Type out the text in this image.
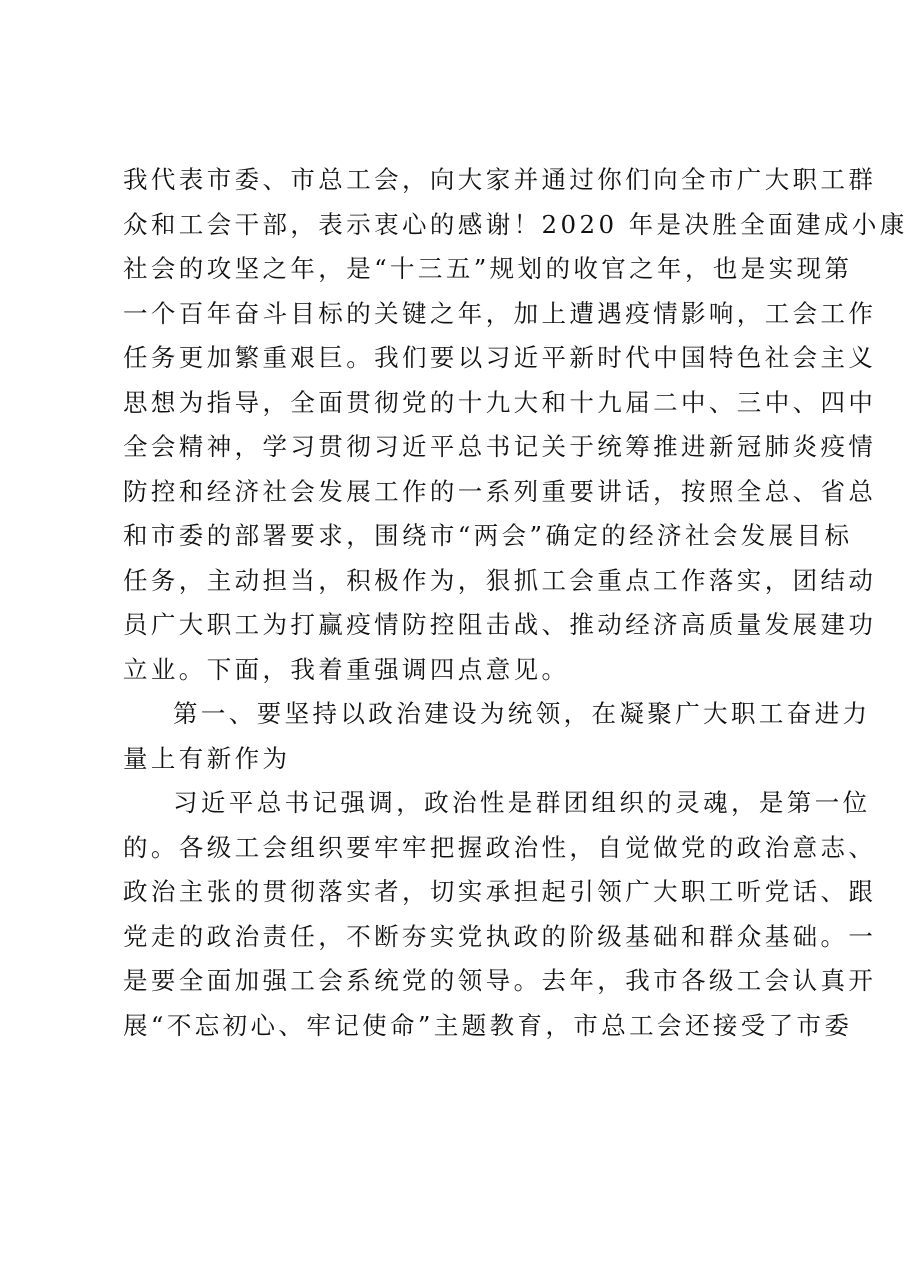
我代表市委、市总工会，向大家并通过你们向全市广大职工群
众和工会干部，表示衷心的感谢！2020 年是决胜全面建成小康
社会的攻坚之年，是“十三五”规划的收官之年，也是实现第
一个百年奋斗目标的关键之年，加上遭遇疫情影响，工会工作
任务更加繁重艰巨。我们要以习近平新时代中国特色社会主义
思想为指导，全面贯彻党的十九大和十九届二中、三中、四中
全会精神，学习贯彻习近平总书记关于统筹推进新冠肺炎疫情
防控和经济社会发展工作的一系列重要讲话，按照全总、省总
和市委的部署要求，围绕市“两会”确定的经济社会发展目标
任务，主动担当，积极作为，狠抓工会重点工作落实，团结动
员广大职工为打赢疫情防控阻击战、推动经济高质量发展建功
立业。下面，我着重强调四点意见。
第一、要坚持以政治建设为统领，在凝聚广大职工奋进力
量上有新作为
习近平总书记强调，政治性是群团组织的灵魂，是第一位
的。各级工会组织要牢牢把握政治性，自觉做党的政治意志、
政治主张的贯彻落实者，切实承担起引领广大职工听党话、跟
党走的政治责任，不断夯实党执政的阶级基础和群众基础。一
是要全面加强工会系统党的领导。去年，我市各级工会认真开
展“不忘初心、牢记使命”主题教育，市总工会还接受了市委
